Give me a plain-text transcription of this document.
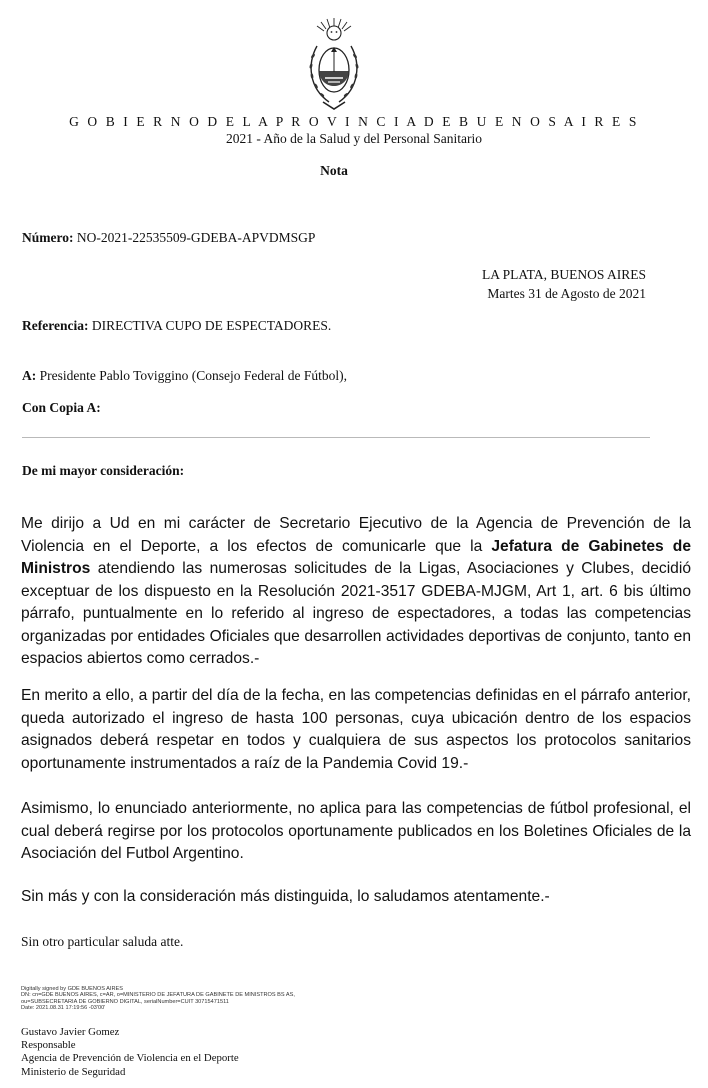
G O B I E R N O D E L A P R O V I N C I A D E B U E N O S A I R E S
2021 - Año de la Salud y del Personal Sanitario
Nota
Número: NO-2021-22535509-GDEBA-APVDMSGP
LA PLATA, BUENOS AIRES
Martes 31 de Agosto de 2021
Referencia: DIRECTIVA CUPO DE ESPECTADORES.
A: Presidente Pablo Toviggino (Consejo Federal de Fútbol),
Con Copia A:
De mi mayor consideración:
Me dirijo a Ud en mi carácter de Secretario Ejecutivo de la Agencia de Prevención de la Violencia en el Deporte, a los efectos de comunicarle que la Jefatura de Gabinetes de Ministros atendiendo las numerosas solicitudes de la Ligas, Asociaciones y Clubes, decidió exceptuar de los dispuesto en la Resolución 2021-3517 GDEBA-MJGM, Art 1, art. 6 bis último párrafo, puntualmente en lo referido al ingreso de espectadores, a todas las competencias organizadas por entidades Oficiales que desarrollen actividades deportivas de conjunto, tanto en espacios abiertos como cerrados.-
En merito a ello, a partir del día de la fecha, en las competencias definidas en el párrafo anterior, queda autorizado el ingreso de hasta 100 personas, cuya ubicación dentro de los espacios asignados deberá respetar en todos y cualquiera de sus aspectos los protocolos sanitarios oportunamente instrumentados a raíz de la Pandemia Covid 19.-
Asimismo, lo enunciado anteriormente, no aplica para las competencias de fútbol profesional, el cual deberá regirse por los protocolos oportunamente publicados en los Boletines Oficiales de la Asociación del Futbol Argentino.
Sin más y con la consideración más distinguida, lo saludamos atentamente.-
Sin otro particular saluda atte.
Digitally signed by GDE BUENOS AIRES
DN: cn=GDE BUENOS AIRES, c=AR, o=MINISTERIO DE JEFATURA DE GABINETE DE MINISTROS BS AS,
ou=SUBSECRETARIA DE GOBIERNO DIGITAL, serialNumber=CUIT 30715471511
Date: 2021.08.31 17:19:56 -03'00'
Gustavo Javier Gomez
Responsable
Agencia de Prevención de Violencia en el Deporte
Ministerio de Seguridad
